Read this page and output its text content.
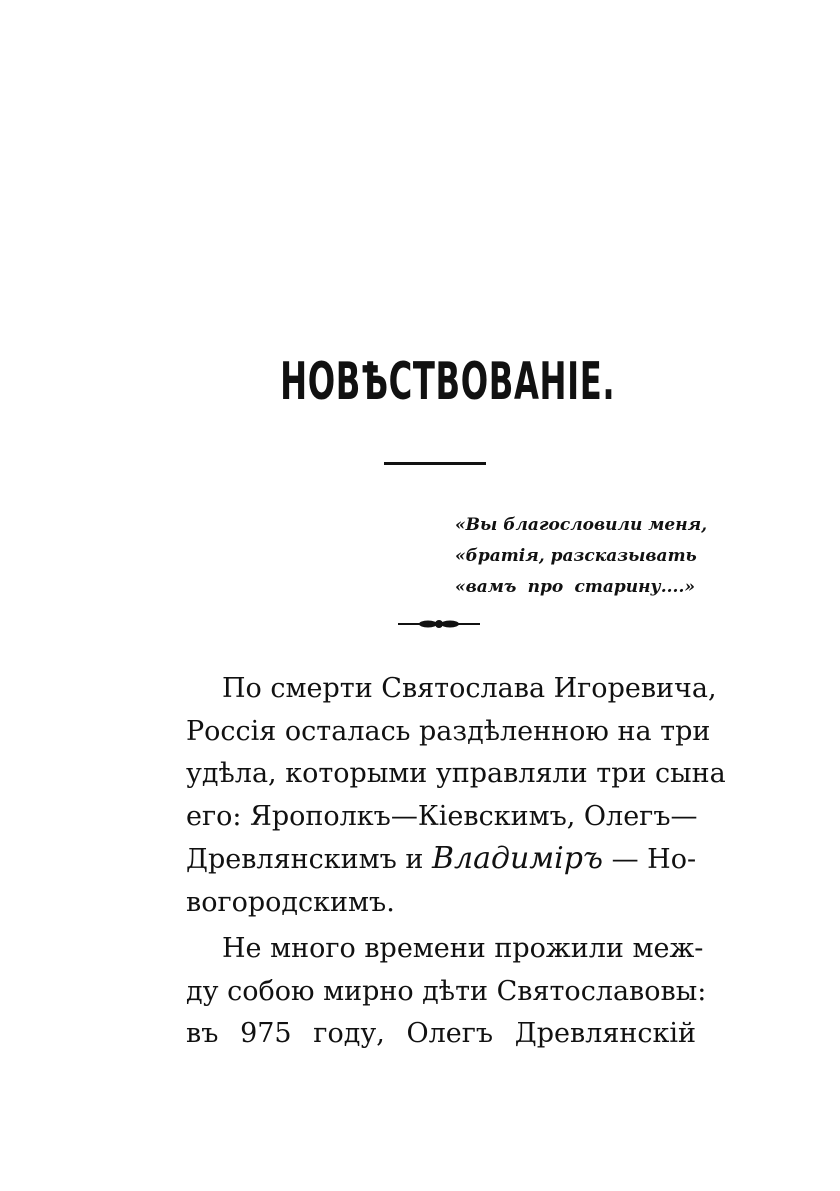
НОВѢСТВОВАНІЕ.
«Вы благословили меня,
«братія, разсказывать
«вамъ про старину....»
По смерти Святослава Игоревича,
Россія осталась раздѣленною на три
удѣла, которыми управляли три сына
его: Ярополкъ—Кіевскимъ, Олегъ—
Древлянскимъ и Владиміръ — Но-
вогородскимъ.
Не много времени прожили меж-
ду собою мирно дѣти Святославовы:
въ 975 году, Олегъ Древлянскій
